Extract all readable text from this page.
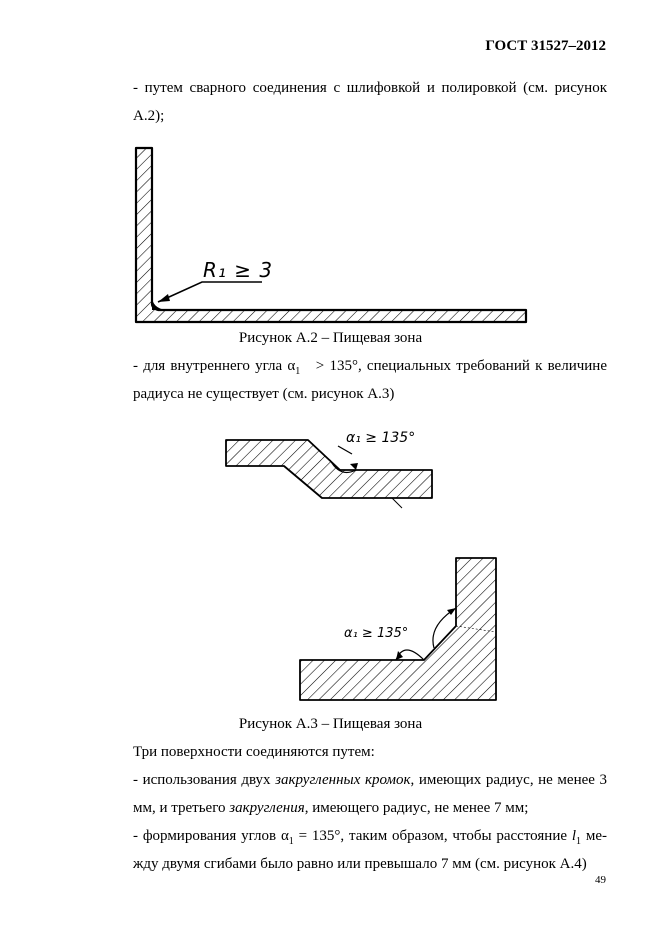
ГОСТ 31527–2012
- путем сварного соединения с шлифовкой и полировкой (см. рисунок
А.2);
R₁ ≥ 3
α₁ ≥ 135°
α₁ ≥ 135°
Рисунок А.2 – Пищевая зона
- для внутреннего угла $\alpha_1 > 135^\circ$, специальных требований к величине
радиуса не существует (см. рисунок А.3)
Рисунок А.3 – Пищевая зона
Три поверхности соединяются путем:
- использования двух закругленных кромок, имеющих радиус, не менее 3
мм, и третьего закругления, имеющего радиус, не менее 7 мм;
- формирования углов $\alpha_1 = 135^\circ$, таким образом, чтобы расстояние $l_1$ ме-
жду двумя сгибами было равно или превышало 7 мм (см. рисунок А.4)
49
